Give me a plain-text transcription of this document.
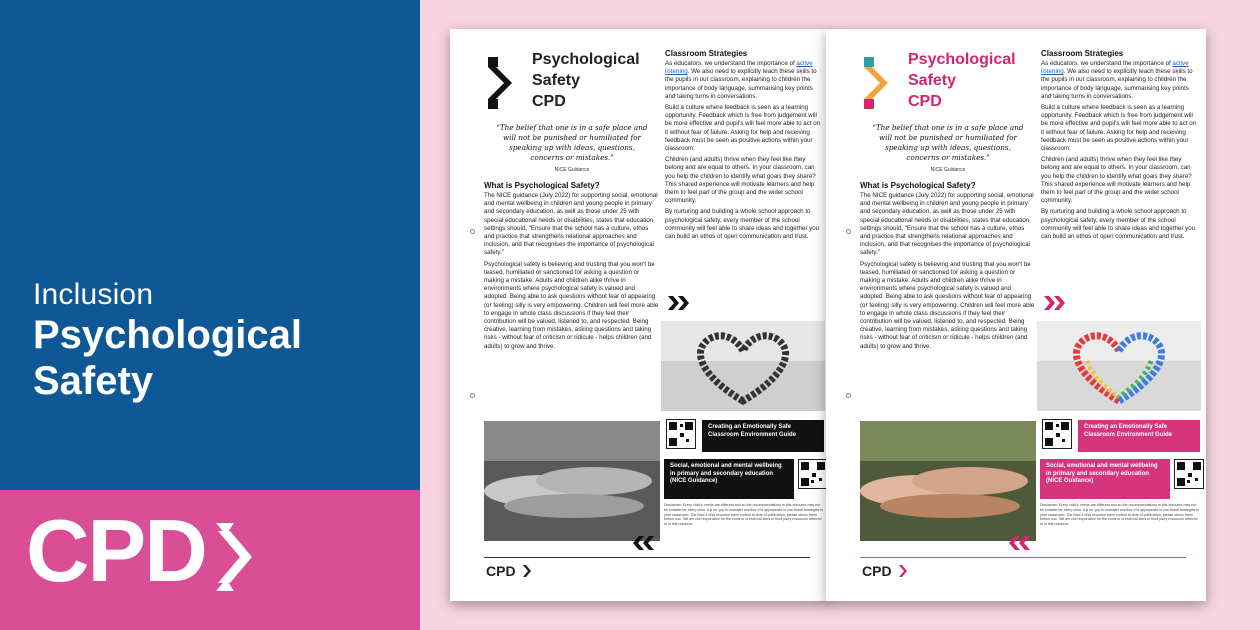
Inclusion
Psychological
Safety
CPD
Psychological
Safety
CPD
"The belief that one is in a safe place and will not be punished or humiliated for speaking up with ideas, questions, concerns or mistakes."
NICE Guidance
What is Psychological Safety?
The NICE guidance (July 2022) for supporting social, emotional and mental wellbeing in children and young people in primary and secondary education, as well as those under 25 with special educational needs or disabilities, states that education settings should, "Ensure that the school has a culture, ethos and practice that strengthens relational approaches and inclusion, and that recognises the importance of psychological safety."
Psychological safety is believing and trusting that you won't be teased, humiliated or sanctioned for asking a question or making a mistake. Adults and children alike thrive in environments where psychological safety is valued and adopted. Being able to ask questions without fear of appearing (or feeling) silly is very empowering. Children will feel more able to engage in whole class discussions if they feel their contribution will be valued, listened to, and respected. Being creative, learning from mistakes, asking questions and taking risks - without fear of criticism or ridicule - helps children (and adults) to grow and thrive.
Classroom Strategies
As educators, we understand the importance of active listening. We also need to explicitly teach these skills to the pupils in our classroom, explaining to children the importance of body language, summarising key points and taking turns in conversations.
Build a culture where feedback is seen as a learning opportunity. Feedback which is free from judgement will be more effective and pupil's will feel more able to act on it without fear of failure. Asking for help and receiving feedback must be seen as positive actions within your classroom.
Children (and adults) thrive when they feel like they belong and are equal to others. In your classroom, can you help the children to identify what goals they share? This shared experience will motivate learners and help them to feel part of the group and the wider school community.
By nurturing and building a whole school approach to psychological safety, every member of the school community will feel able to share ideas and together you can build an ethos of open communication and trust.
Creating an Emotionally Safe Classroom Environment Guide
Social, emotional and mental wellbeing in primary and secondary education (NICE Guidance)
Disclaimer: Every child's needs are different and so the recommendations in this resource may not be suitable for every child. It is for you to consider whether it is appropriate to use these strategies in your classroom. The links in this resource were correct at time of publication; please check them before use. We are not responsible for the content of external sites or third party resources referred to in this resource.
CPD
Psychological
Safety
CPD
"The belief that one is in a safe place and will not be punished or humiliated for speaking up with ideas, questions, concerns or mistakes."
NICE Guidance
What is Psychological Safety?
The NICE guidance (July 2022) for supporting social, emotional and mental wellbeing in children and young people in primary and secondary education, as well as those under 25 with special educational needs or disabilities, states that education settings should, "Ensure that the school has a culture, ethos and practice that strengthens relational approaches and inclusion, and that recognises the importance of psychological safety."
Psychological safety is believing and trusting that you won't be teased, humiliated or sanctioned for asking a question or making a mistake. Adults and children alike thrive in environments where psychological safety is valued and adopted. Being able to ask questions without fear of appearing (or feeling) silly is very empowering. Children will feel more able to engage in whole class discussions if they feel their contribution will be valued, listened to, and respected. Being creative, learning from mistakes, asking questions and taking risks - without fear of criticism or ridicule - helps children (and adults) to grow and thrive.
Classroom Strategies
As educators, we understand the importance of active listening. We also need to explicitly teach these skills to the pupils in our classroom, explaining to children the importance of body language, summarising key points and taking turns in conversations.
Build a culture where feedback is seen as a learning opportunity. Feedback which is free from judgement will be more effective and pupil's will feel more able to act on it without fear of failure. Asking for help and receiving feedback must be seen as positive actions within your classroom.
Children (and adults) thrive when they feel like they belong and are equal to others. In your classroom, can you help the children to identify what goals they share? This shared experience will motivate learners and help them to feel part of the group and the wider school community.
By nurturing and building a whole school approach to psychological safety, every member of the school community will feel able to share ideas and together you can build an ethos of open communication and trust.
Creating an Emotionally Safe Classroom Environment Guide
Social, emotional and mental wellbeing in primary and secondary education (NICE Guidance)
Disclaimer: Every child's needs are different and so the recommendations in this resource may not be suitable for every child. It is for you to consider whether it is appropriate to use these strategies in your classroom. The links in this resource were correct at time of publication; please check them before use. We are not responsible for the content of external sites or third party resources referred to in this resource.
CPD
